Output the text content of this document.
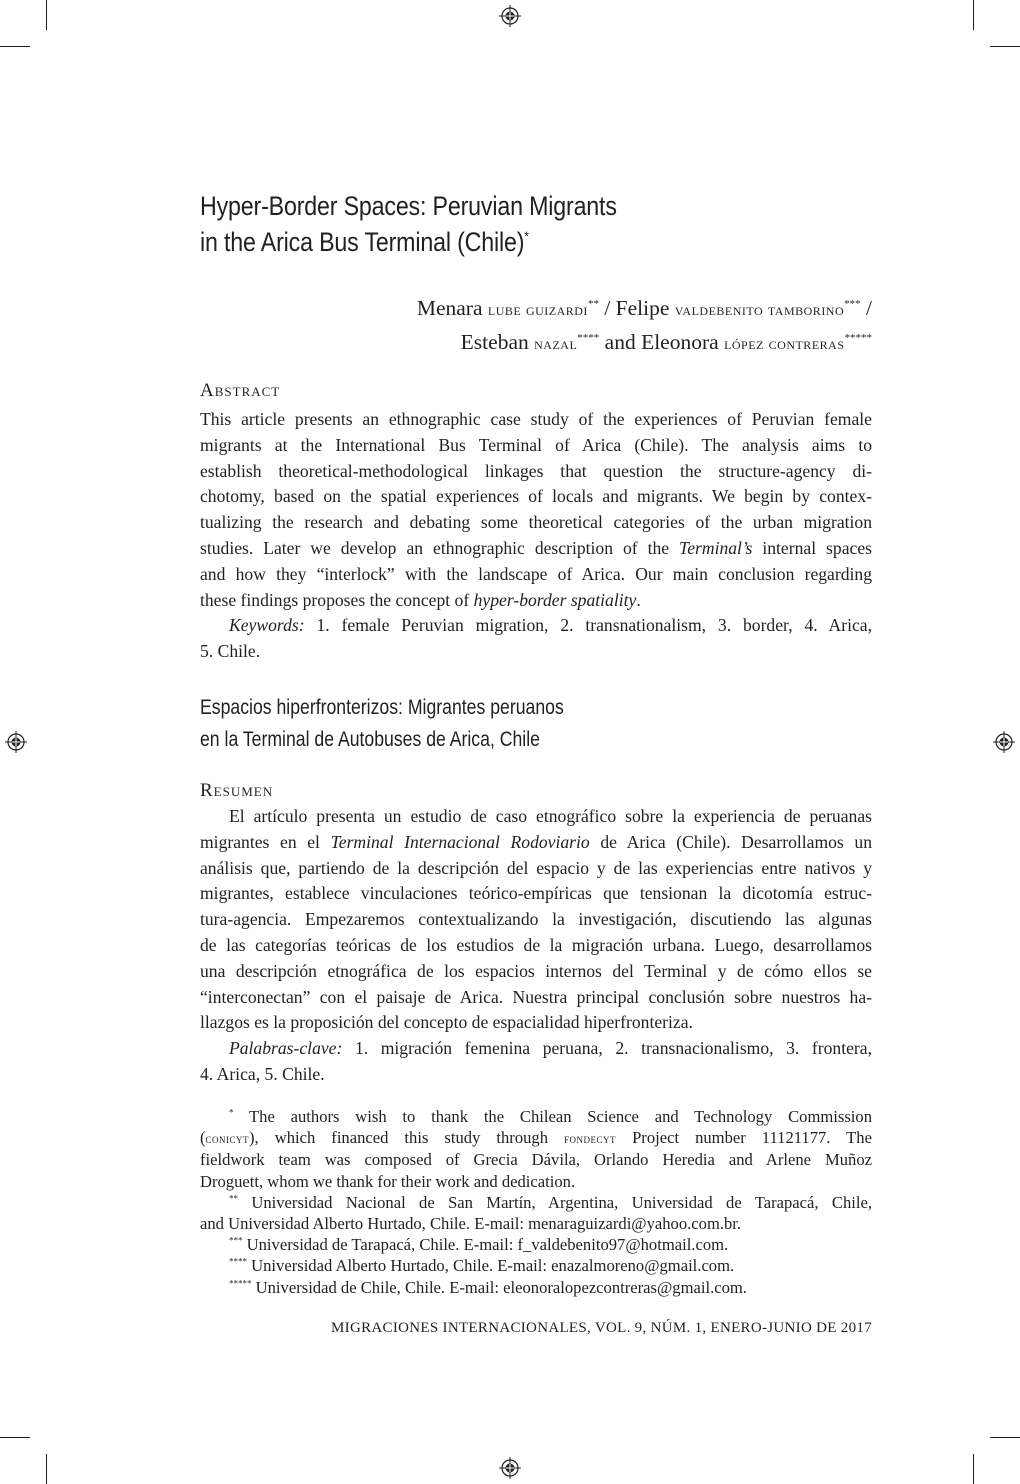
Hyper-Border Spaces: Peruvian Migrants
in the Arica Bus Terminal (Chile)*
Menara lube guizardi** / Felipe valdebenito tamborino*** /
Esteban nazal**** and Eleonora lópez contreras*****
Abstract
This article presents an ethnographic case study of the experiences of Peruvian female
migrants at the International Bus Terminal of Arica (Chile). The analysis aims to
establish theoretical-methodological linkages that question the structure-agency di-
chotomy, based on the spatial experiences of locals and migrants. We begin by contex-
tualizing the research and debating some theoretical categories of the urban migration
studies. Later we develop an ethnographic description of the Terminal’s internal spaces
and how they “interlock” with the landscape of Arica. Our main conclusion regarding
these findings proposes the concept of hyper-border spatiality.
Keywords: 1. female Peruvian migration, 2. transnationalism, 3. border, 4. Arica,
5. Chile.
Espacios hiperfronterizos: Migrantes peruanos
en la Terminal de Autobuses de Arica, Chile
Resumen
El artículo presenta un estudio de caso etnográfico sobre la experiencia de peruanas
migrantes en el Terminal Internacional Rodoviario de Arica (Chile). Desarrollamos un
análisis que, partiendo de la descripción del espacio y de las experiencias entre nativos y
migrantes, establece vinculaciones teórico-empíricas que tensionan la dicotomía estruc-
tura-agencia. Empezaremos contextualizando la investigación, discutiendo las algunas
de las categorías teóricas de los estudios de la migración urbana. Luego, desarrollamos
una descripción etnográfica de los espacios internos del Terminal y de cómo ellos se
“interconectan” con el paisaje de Arica. Nuestra principal conclusión sobre nuestros ha-
llazgos es la proposición del concepto de espacialidad hiperfronteriza.
Palabras-clave: 1. migración femenina peruana, 2. transnacionalismo, 3. frontera,
4. Arica, 5. Chile.
* The authors wish to thank the Chilean Science and Technology Commission
(conicyt), which financed this study through fondecyt Project number 11121177. The
fieldwork team was composed of Grecia Dávila, Orlando Heredia and Arlene Muñoz
Droguett, whom we thank for their work and dedication.
** Universidad Nacional de San Martín, Argentina, Universidad de Tarapacá, Chile,
and Universidad Alberto Hurtado, Chile. E-mail: menaraguizardi@yahoo.com.br.
*** Universidad de Tarapacá, Chile. E-mail: f_valdebenito97@hotmail.com.
**** Universidad Alberto Hurtado, Chile. E-mail: enazalmoreno@gmail.com.
***** Universidad de Chile, Chile. E-mail: eleonoralopezcontreras@gmail.com.
MIGRACIONES INTERNACIONALES, VOL. 9, NÚM. 1, ENERO-JUNIO DE 2017
